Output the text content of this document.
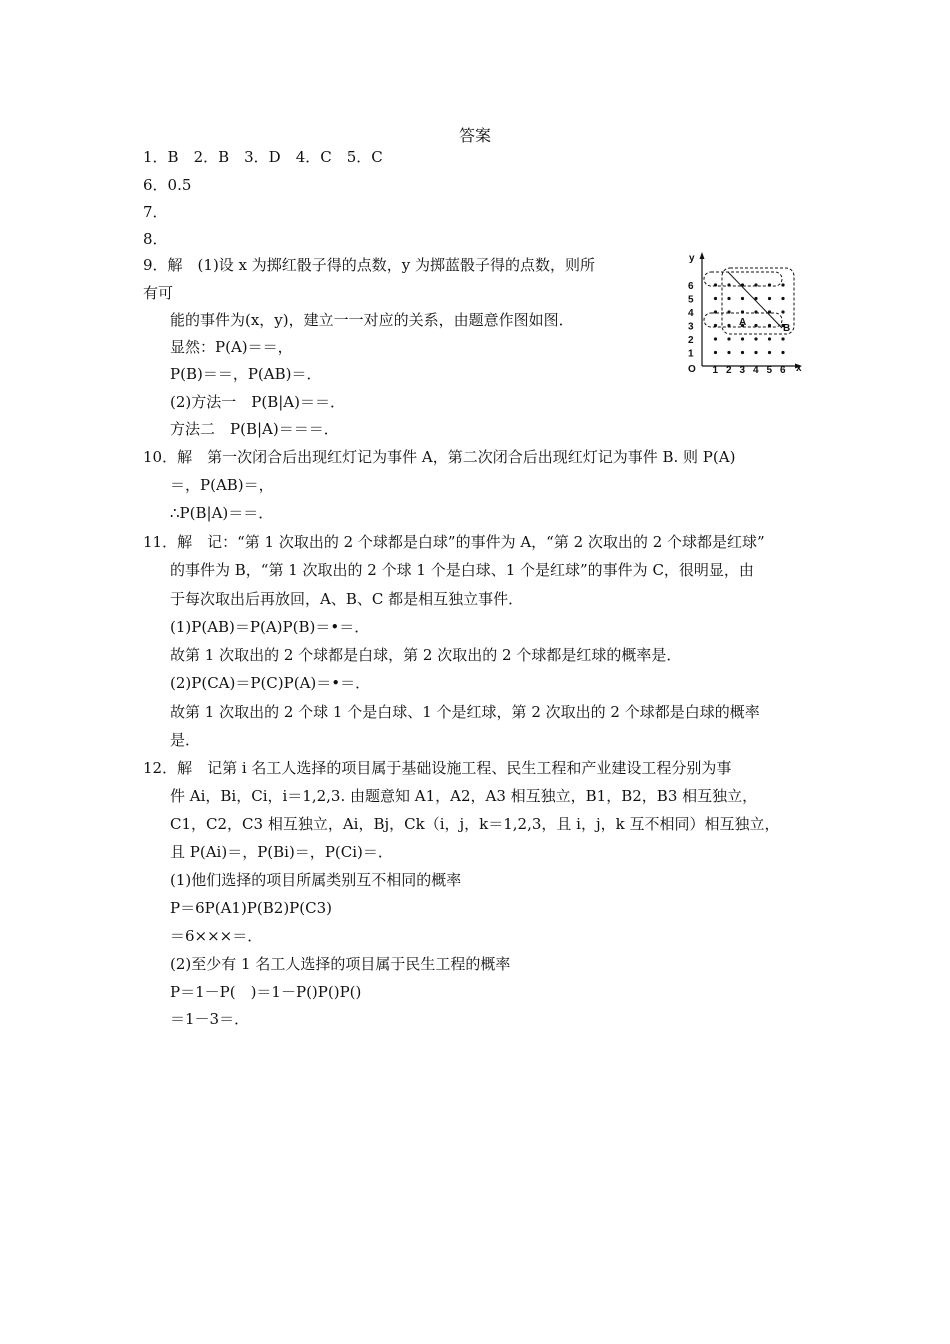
答案
1．B　2．B　3．D　4．C　5．C
6．0.5
7．
8．
9．解　(1)设 x 为掷红骰子得的点数，y 为掷蓝骰子得的点数，则所
有可
能的事件为(x，y)，建立一一对应的关系，由题意作图如图．
显然：P(A)＝＝，
P(B)＝＝，P(AB)＝．
(2)方法一　P(B|A)＝＝．
方法二　P(B|A)＝＝＝．
10．解　第一次闭合后出现红灯记为事件 A，第二次闭合后出现红灯记为事件 B. 则 P(A)
＝，P(AB)＝，
∴P(B|A)＝＝．
11．解　记：“第 1 次取出的 2 个球都是白球”的事件为 A，“第 2 次取出的 2 个球都是红球”
的事件为 B，“第 1 次取出的 2 个球 1 个是白球、1 个是红球”的事件为 C，很明显，由
于每次取出后再放回，A、B、C 都是相互独立事件．
(1)P(AB)＝P(A)P(B)＝•＝．
故第 1 次取出的 2 个球都是白球，第 2 次取出的 2 个球都是红球的概率是．
(2)P(CA)＝P(C)P(A)＝•＝．
故第 1 次取出的 2 个球 1 个是白球、1 个是红球，第 2 次取出的 2 个球都是白球的概率
是．
12．解　记第 i 名工人选择的项目属于基础设施工程、民生工程和产业建设工程分别为事
件 Ai，Bi，Ci，i＝1,2,3. 由题意知 A1，A2，A3 相互独立，B1，B2，B3 相互独立，
C1，C2，C3 相互独立，Ai，Bj，Ck（i，j，k＝1,2,3，且 i，j，k 互不相同）相互独立，
且 P(Ai)＝，P(Bi)＝，P(Ci)＝．
(1)他们选择的项目所属类别互不相同的概率
P＝6P(A1)P(B2)P(C3)
＝6×××＝．
(2)至少有 1 名工人选择的项目属于民生工程的概率
P＝1－P(　)＝1－P()P()P()
＝1－3＝．
y
x
O 1 2 3 4 5 6
1
2
3
4
5
6
A
B
